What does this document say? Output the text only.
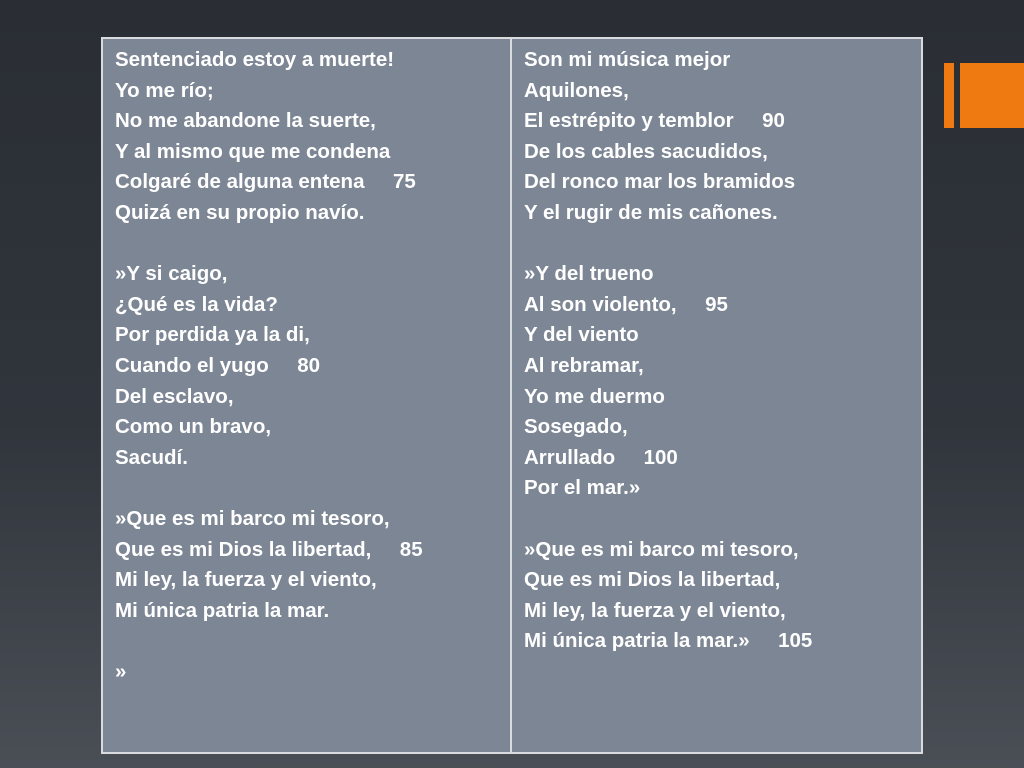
Sentenciado estoy a muerte!
Yo me río;
No me abandone la suerte,
Y al mismo que me condena
Colgaré de alguna entena     75
Quizá en su propio navío.
»Y si caigo,
¿Qué es la vida?
Por perdida ya la di,
Cuando el yugo     80
Del esclavo,
Como un bravo,
Sacudí.
»Que es mi barco mi tesoro,
Que es mi Dios la libertad,     85
Mi ley, la fuerza y el viento,
Mi única patria la mar.
»
Son mi música mejor
Aquilones,
El estrépito y temblor     90
De los cables sacudidos,
Del ronco mar los bramidos
Y el rugir de mis cañones.
»Y del trueno
Al son violento,     95
Y del viento
Al rebramar,
Yo me duermo
Sosegado,
Arrullado     100
Por el mar.»
»Que es mi barco mi tesoro,
Que es mi Dios la libertad,
Mi ley, la fuerza y el viento,
Mi única patria la mar.»     105
